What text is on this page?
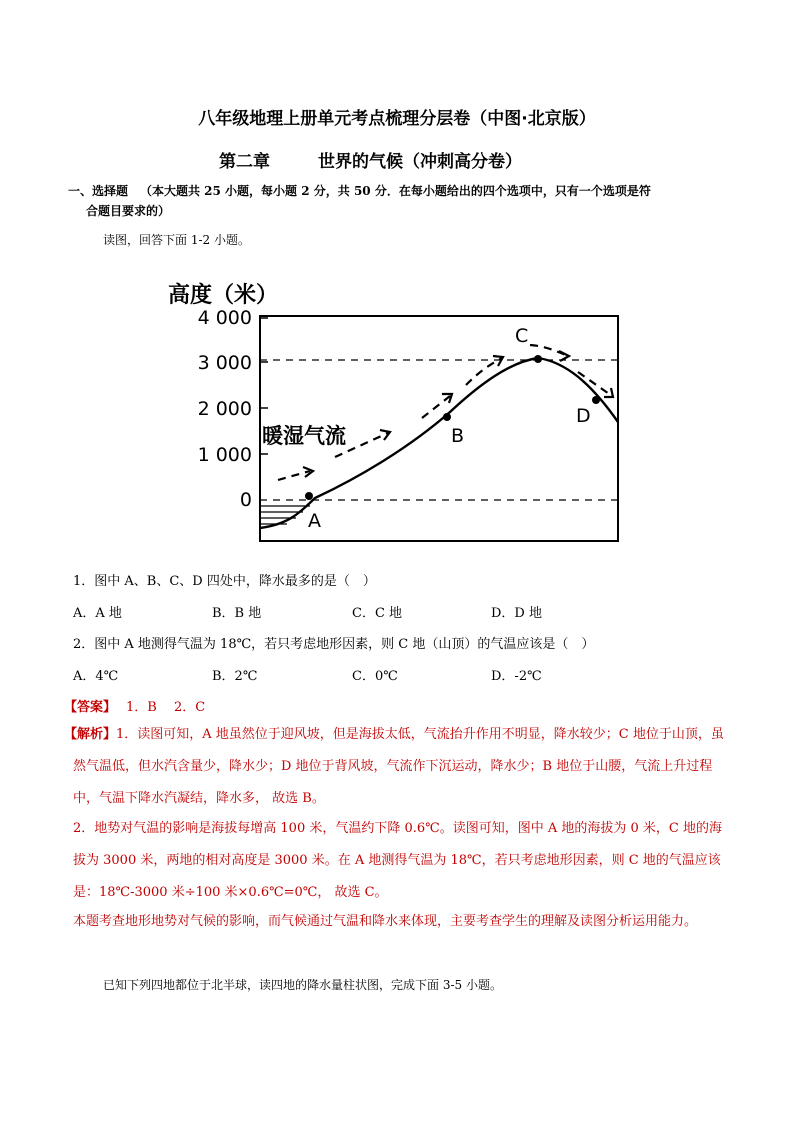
八年级地理上册单元考点梳理分层卷（中图·北京版）
第二章	世界的气候（冲刺高分卷）
一、选择题 （本大题共 25 小题，每小题 2 分，共 50 分．在每小题给出的四个选项中，只有一个选项是符
合题目要求的）
读图，回答下面 1-2 小题。
高度（米）
4 000
3 000
2 000
1 000
0
暖湿气流
A
B
C
D
1．图中 A、B、C、D 四处中，降水最多的是（　）
A．A 地	B．B 地	C．C 地	D．D 地
2．图中 A 地测得气温为 18℃，若只考虑地形因素，则 C 地（山顶）的气温应该是（　）
A．4℃	B．2℃	C．0℃	D．-2℃
【答案】 1．B　 2．C
【解析】1．读图可知，A 地虽然位于迎风坡，但是海拔太低，气流抬升作用不明显，降水较少；C 地位于山顶，虽然气温低，但水汽含量少，降水少；D 地位于背风坡，气流作下沉运动，降水少；B 地位于山腰，气流上升过程中，气温下降水汽凝结，降水多， 故选 B。
2．地势对气温的影响是海拔每增高 100 米，气温约下降 0.6℃。读图可知，图中 A 地的海拔为 0 米，C 地的海拔为 3000 米，两地的相对高度是 3000 米。在 A 地测得气温为 18℃，若只考虑地形因素，则 C 地的气温应该是：18℃-3000 米÷100 米×0.6℃=0℃， 故选 C。
本题考查地形地势对气候的影响，而气候通过气温和降水来体现，主要考查学生的理解及读图分析运用能力。
已知下列四地都位于北半球，读四地的降水量柱状图，完成下面 3-5 小题。
